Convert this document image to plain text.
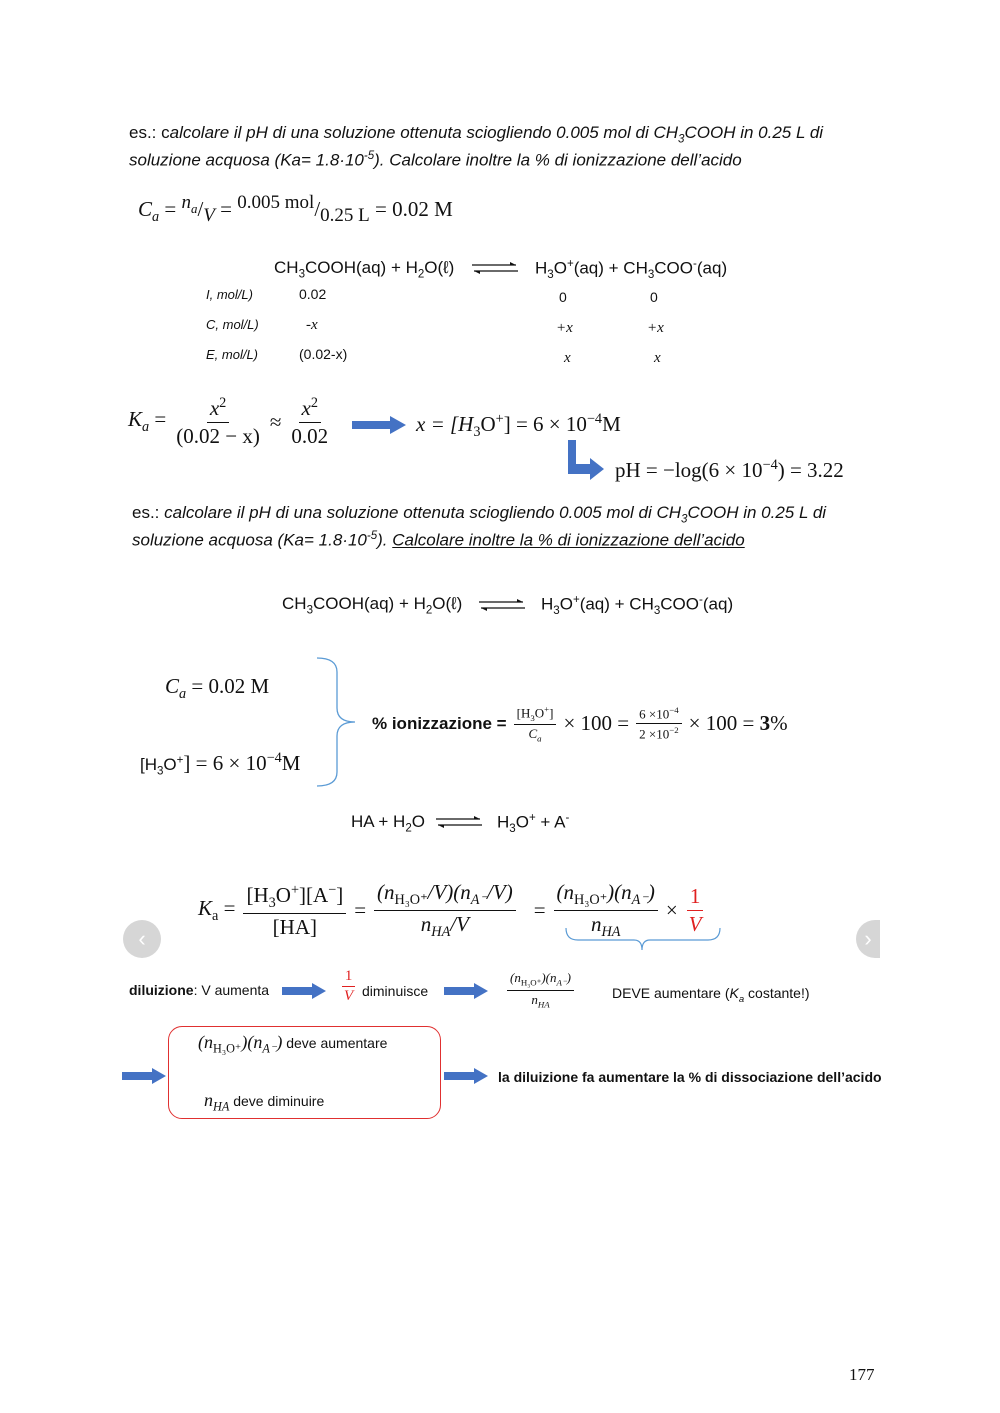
es.: calcolare il pH di una soluzione ottenuta sciogliendo 0.005 mol di $CH_3COOH$ in 0.25 L di
soluzione acquosa $(Ka= 1.8\cdot 10^{-5})$. Calcolare inoltre la % di ionizzazione dell’acido
$C_a = ^{n_a}/_V = ^{0.005 mol}/_{0.25 L} = 0.02$ M
$CH_3COOH(aq)$ + $H_2O(\ell)$ ⇌ $H_3O^+(aq) + CH_3COO^-(aq)$
I, mol/L)	0.02	0	0
C, mol/L)	-x	+x	+x
E, mol/L)	(0.02-x)	x	x
$K_a = \frac{x^2}{(0.02 - x)} \approx \frac{x^2}{0.02}$	$x = [H_3O^+] = 6 \times 10^{-4}M$
pH = $-\log(6 \times 10^{-4}) = 3.22$
es.: calcolare il pH di una soluzione ottenuta sciogliendo 0.005 mol di $CH_3COOH$ in 0.25 L di
soluzione acquosa $(Ka= 1.8\cdot 10^{-5})$. Calcolare inoltre la % di ionizzazione dell’acido
$CH_3COOH(aq)$ + $H_2O(\ell)$ ⇌ $H_3O^+(aq) + CH_3COO^-(aq)$
$C_a = 0.02$ M
$[H_3O^+] = 6 \times 10^{-4}M$
% ionizzazione = $\frac{[H_3O^+]}{C_a} \times 100 = \frac{6 \times 10^{-4}}{2 \times 10^{-2}} \times 100 = 3\%$
HA + $H_2O$ ⇌ $H_3O^+ + A^-$
$K_a = \frac{[H_3O^+][A^-]}{[HA]} = \frac{(n_{H_3O^+}/V)(n_{A^-}/V)}{n_{HA}/V} = \frac{(n_{H_3O^+})(n_{A^-})}{n_{HA}} \times \frac{1}{V}$
‹	›
diluizione: V aumenta	$\frac{1}{V}$ diminuisce	$\frac{(n_{H_3O^+})(n_{A^-})}{n_{HA}}$	DEVE aumentare ($K_a$ costante!)
$(n_{H_3O^+})(n_{A^-})$ deve aumentare
$n_{HA}$ deve diminuire
la diluizione fa aumentare la % di dissociazione dell’acido
177
